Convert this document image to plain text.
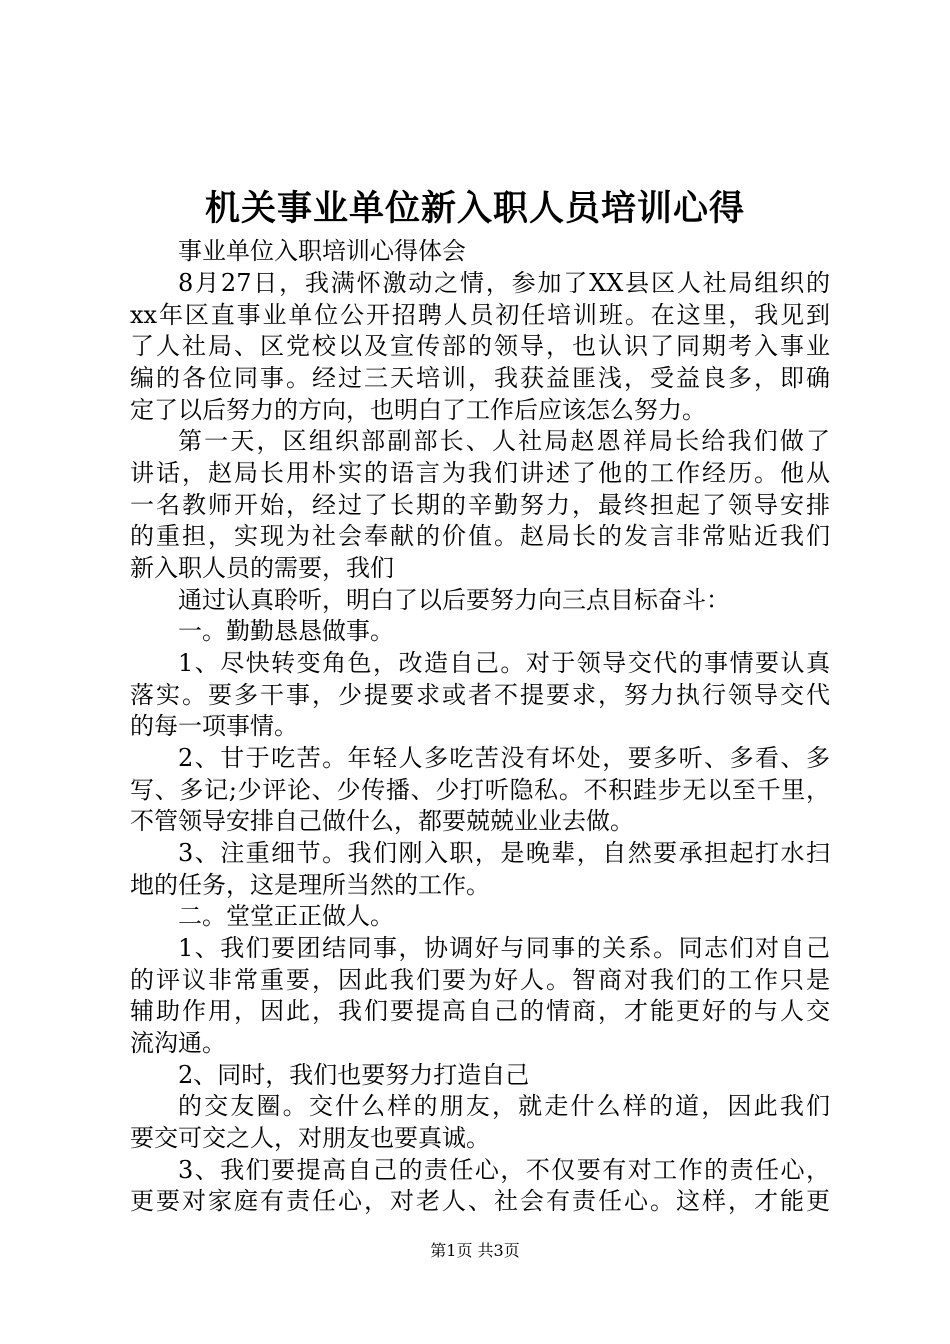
机关事业单位新入职人员培训心得
事业单位入职培训心得体会
8月27日，我满怀激动之情，参加了XX县区人社局组织的
xx年区直事业单位公开招聘人员初任培训班。在这里，我见到
了人社局、区党校以及宣传部的领导，也认识了同期考入事业
编的各位同事。经过三天培训，我获益匪浅，受益良多，即确
定了以后努力的方向，也明白了工作后应该怎么努力。
第一天，区组织部副部长、人社局赵恩祥局长给我们做了
讲话，赵局长用朴实的语言为我们讲述了他的工作经历。他从
一名教师开始，经过了长期的辛勤努力，最终担起了领导安排
的重担，实现为社会奉献的价值。赵局长的发言非常贴近我们
新入职人员的需要，我们
通过认真聆听，明白了以后要努力向三点目标奋斗：
一。勤勤恳恳做事。
1、尽快转变角色，改造自己。对于领导交代的事情要认真
落实。要多干事，少提要求或者不提要求，努力执行领导交代
的每一项事情。
2、甘于吃苦。年轻人多吃苦没有坏处，要多听、多看、多
写、多记;少评论、少传播、少打听隐私。不积跬步无以至千里，
不管领导安排自己做什么，都要兢兢业业去做。
3、注重细节。我们刚入职，是晚辈，自然要承担起打水扫
地的任务，这是理所当然的工作。
二。堂堂正正做人。
1、我们要团结同事，协调好与同事的关系。同志们对自己
的评议非常重要，因此我们要为好人。智商对我们的工作只是
辅助作用，因此，我们要提高自己的情商，才能更好的与人交
流沟通。
2、同时，我们也要努力打造自己
的交友圈。交什么样的朋友，就走什么样的道，因此我们
要交可交之人，对朋友也要真诚。
3、我们要提高自己的责任心，不仅要有对工作的责任心，
更要对家庭有责任心，对老人、社会有责任心。这样，才能更
第1页 共3页
